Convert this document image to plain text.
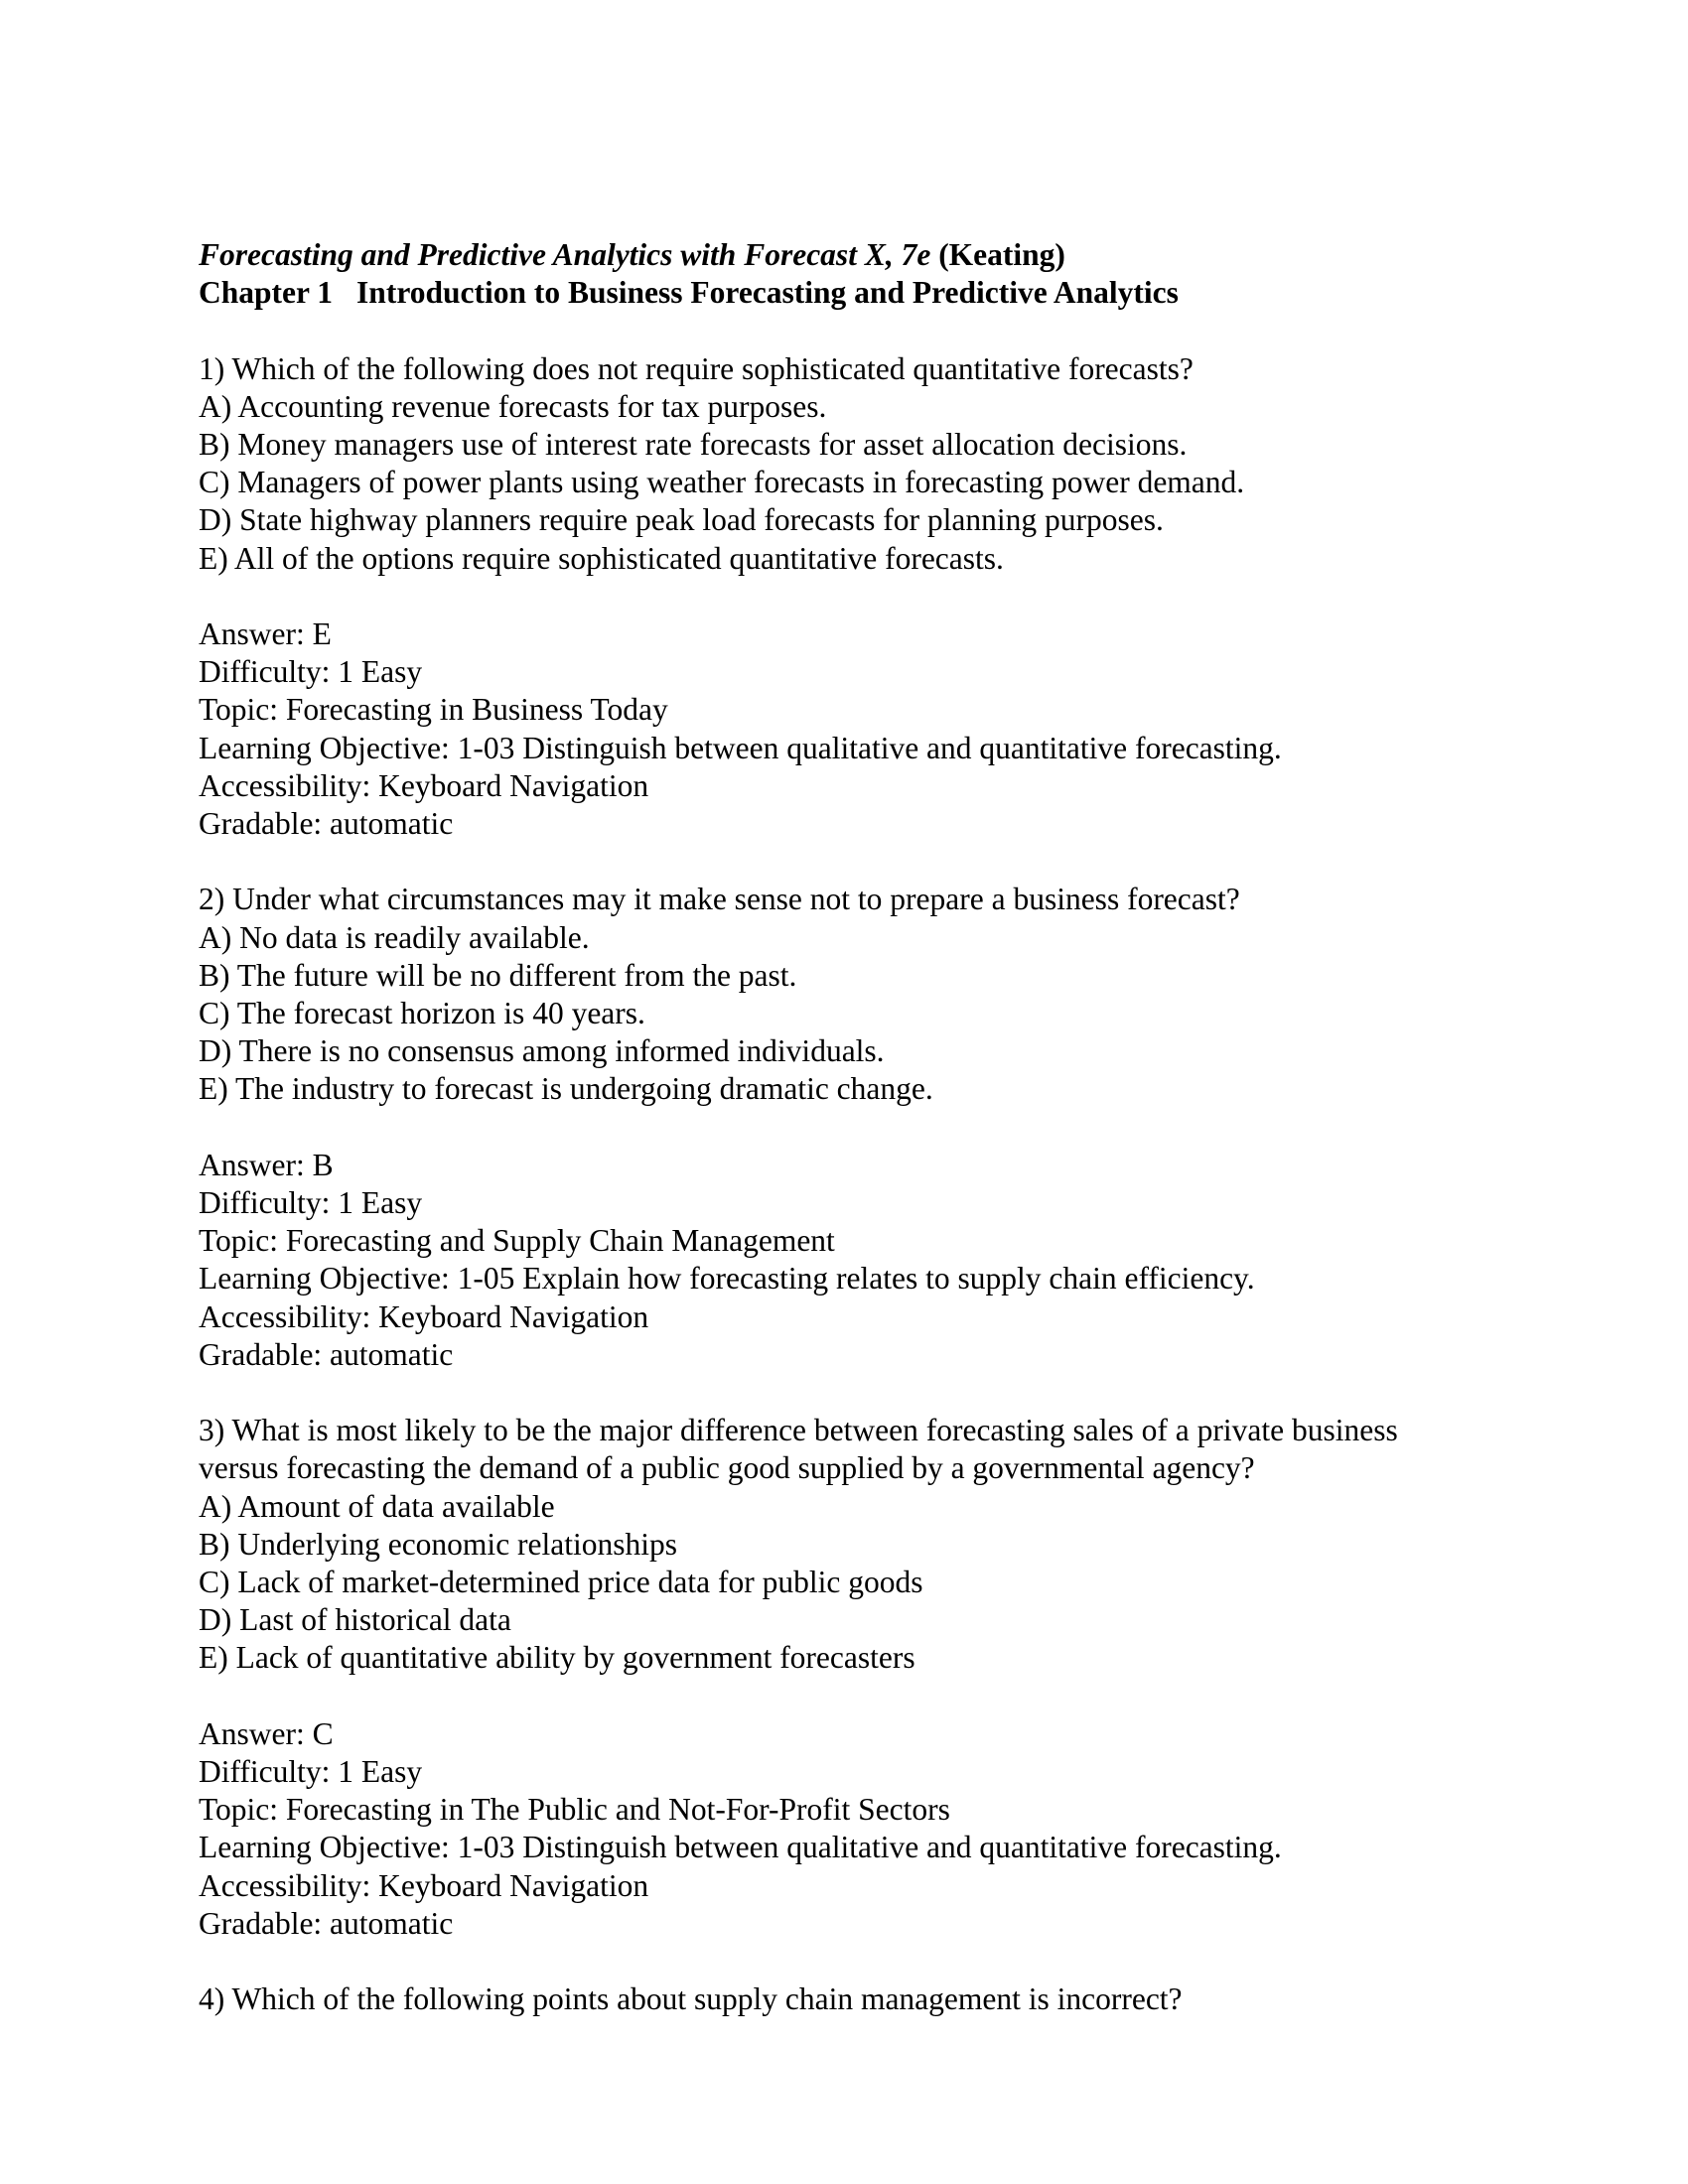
Forecasting and Predictive Analytics with Forecast X, 7e (Keating)
Chapter 1 Introduction to Business Forecasting and Predictive Analytics
1) Which of the following does not require sophisticated quantitative forecasts?
A) Accounting revenue forecasts for tax purposes.
B) Money managers use of interest rate forecasts for asset allocation decisions.
C) Managers of power plants using weather forecasts in forecasting power demand.
D) State highway planners require peak load forecasts for planning purposes.
E) All of the options require sophisticated quantitative forecasts.
Answer: E
Difficulty: 1 Easy
Topic: Forecasting in Business Today
Learning Objective: 1-03 Distinguish between qualitative and quantitative forecasting.
Accessibility: Keyboard Navigation
Gradable: automatic
2) Under what circumstances may it make sense not to prepare a business forecast?
A) No data is readily available.
B) The future will be no different from the past.
C) The forecast horizon is 40 years.
D) There is no consensus among informed individuals.
E) The industry to forecast is undergoing dramatic change.
Answer: B
Difficulty: 1 Easy
Topic: Forecasting and Supply Chain Management
Learning Objective: 1-05 Explain how forecasting relates to supply chain efficiency.
Accessibility: Keyboard Navigation
Gradable: automatic
3) What is most likely to be the major difference between forecasting sales of a private business
versus forecasting the demand of a public good supplied by a governmental agency?
A) Amount of data available
B) Underlying economic relationships
C) Lack of market-determined price data for public goods
D) Last of historical data
E) Lack of quantitative ability by government forecasters
Answer: C
Difficulty: 1 Easy
Topic: Forecasting in The Public and Not-For-Profit Sectors
Learning Objective: 1-03 Distinguish between qualitative and quantitative forecasting.
Accessibility: Keyboard Navigation
Gradable: automatic
4) Which of the following points about supply chain management is incorrect?
